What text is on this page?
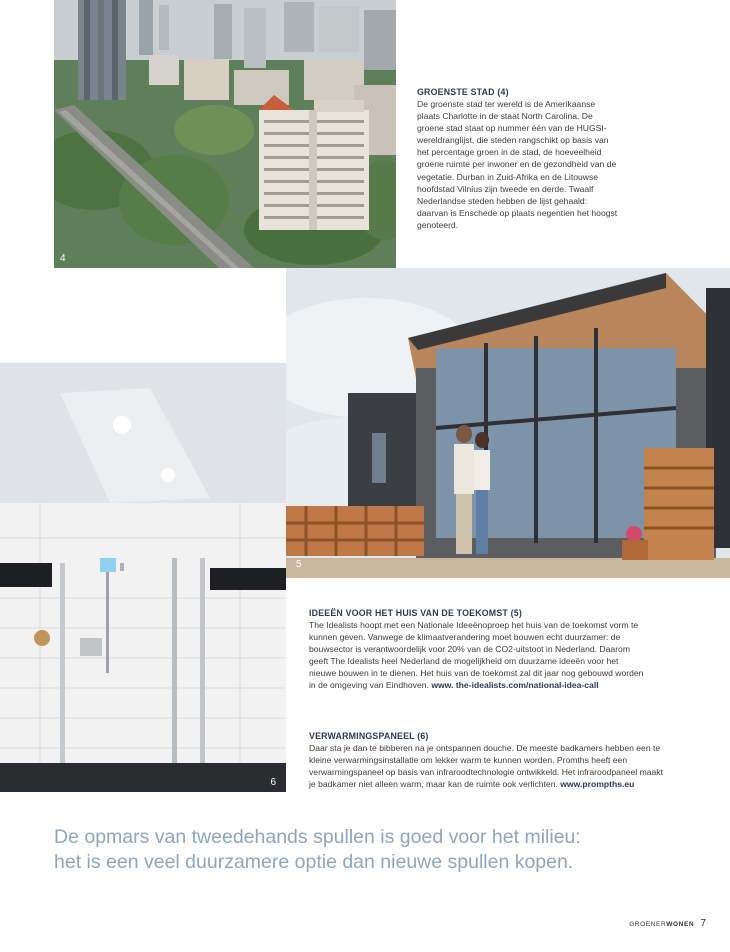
4
GROENSTE STAD (4)

De groenste stad ter wereld is de Amerikaanse plaats Charlotte in de staat North Carolina. De groene stad staat op nummer één van de HUGSI-wereldranglijst, die steden rangschikt op basis van het percentage groen in de stad, de hoeveelheid groene ruimte per inwoner en de gezondheid van de vegetatie. Durban in Zuid-Afrika en de Litouwse hoofdstad Vilnius zijn tweede en derde. Twaalf Nederlandse steden hebben de lijst gehaald: daarvan is Enschede op plaats negentien het hoogst genoteerd.

5
6
IDEEËN VOOR HET HUIS VAN DE TOEKOMST (5)

The Idealists hoopt met een Nationale Ideeënoproep het huis van de toekomst vorm te kunnen geven. Vanwege de klimaatverandering moet bouwen echt duurzamer: de bouwsector is verantwoordelijk voor 20% van de CO2-uitstoot in Nederland. Daarom geeft The Idealists heel Nederland de mogelijkheid om duurzame ideeën voor het nieuwe bouwen in te dienen. Het huis van de toekomst zal dit jaar nog gebouwd worden in de omgeving van Eindhoven. www. the-idealists.com/national-idea-call

VERWARMINGSPANEEL (6)

Daar sta je dan te bibberen na je ontspannen douche. De meeste badkamers hebben een te kleine verwarmingsinstallatie om lekker warm te kunnen worden. Promths heeft een verwarmingspaneel op basis van infraroodtechnologie ontwikkeld. Het infraroodpaneel maakt je badkamer niet alleen warm, maar kan de ruimte ook verlichten. www.prompths.eu

De opmars van tweedehands spullen is goed voor het milieu:
het is een veel duurzamere optie dan nieuwe spullen kopen.
GROENERWONEN 7
